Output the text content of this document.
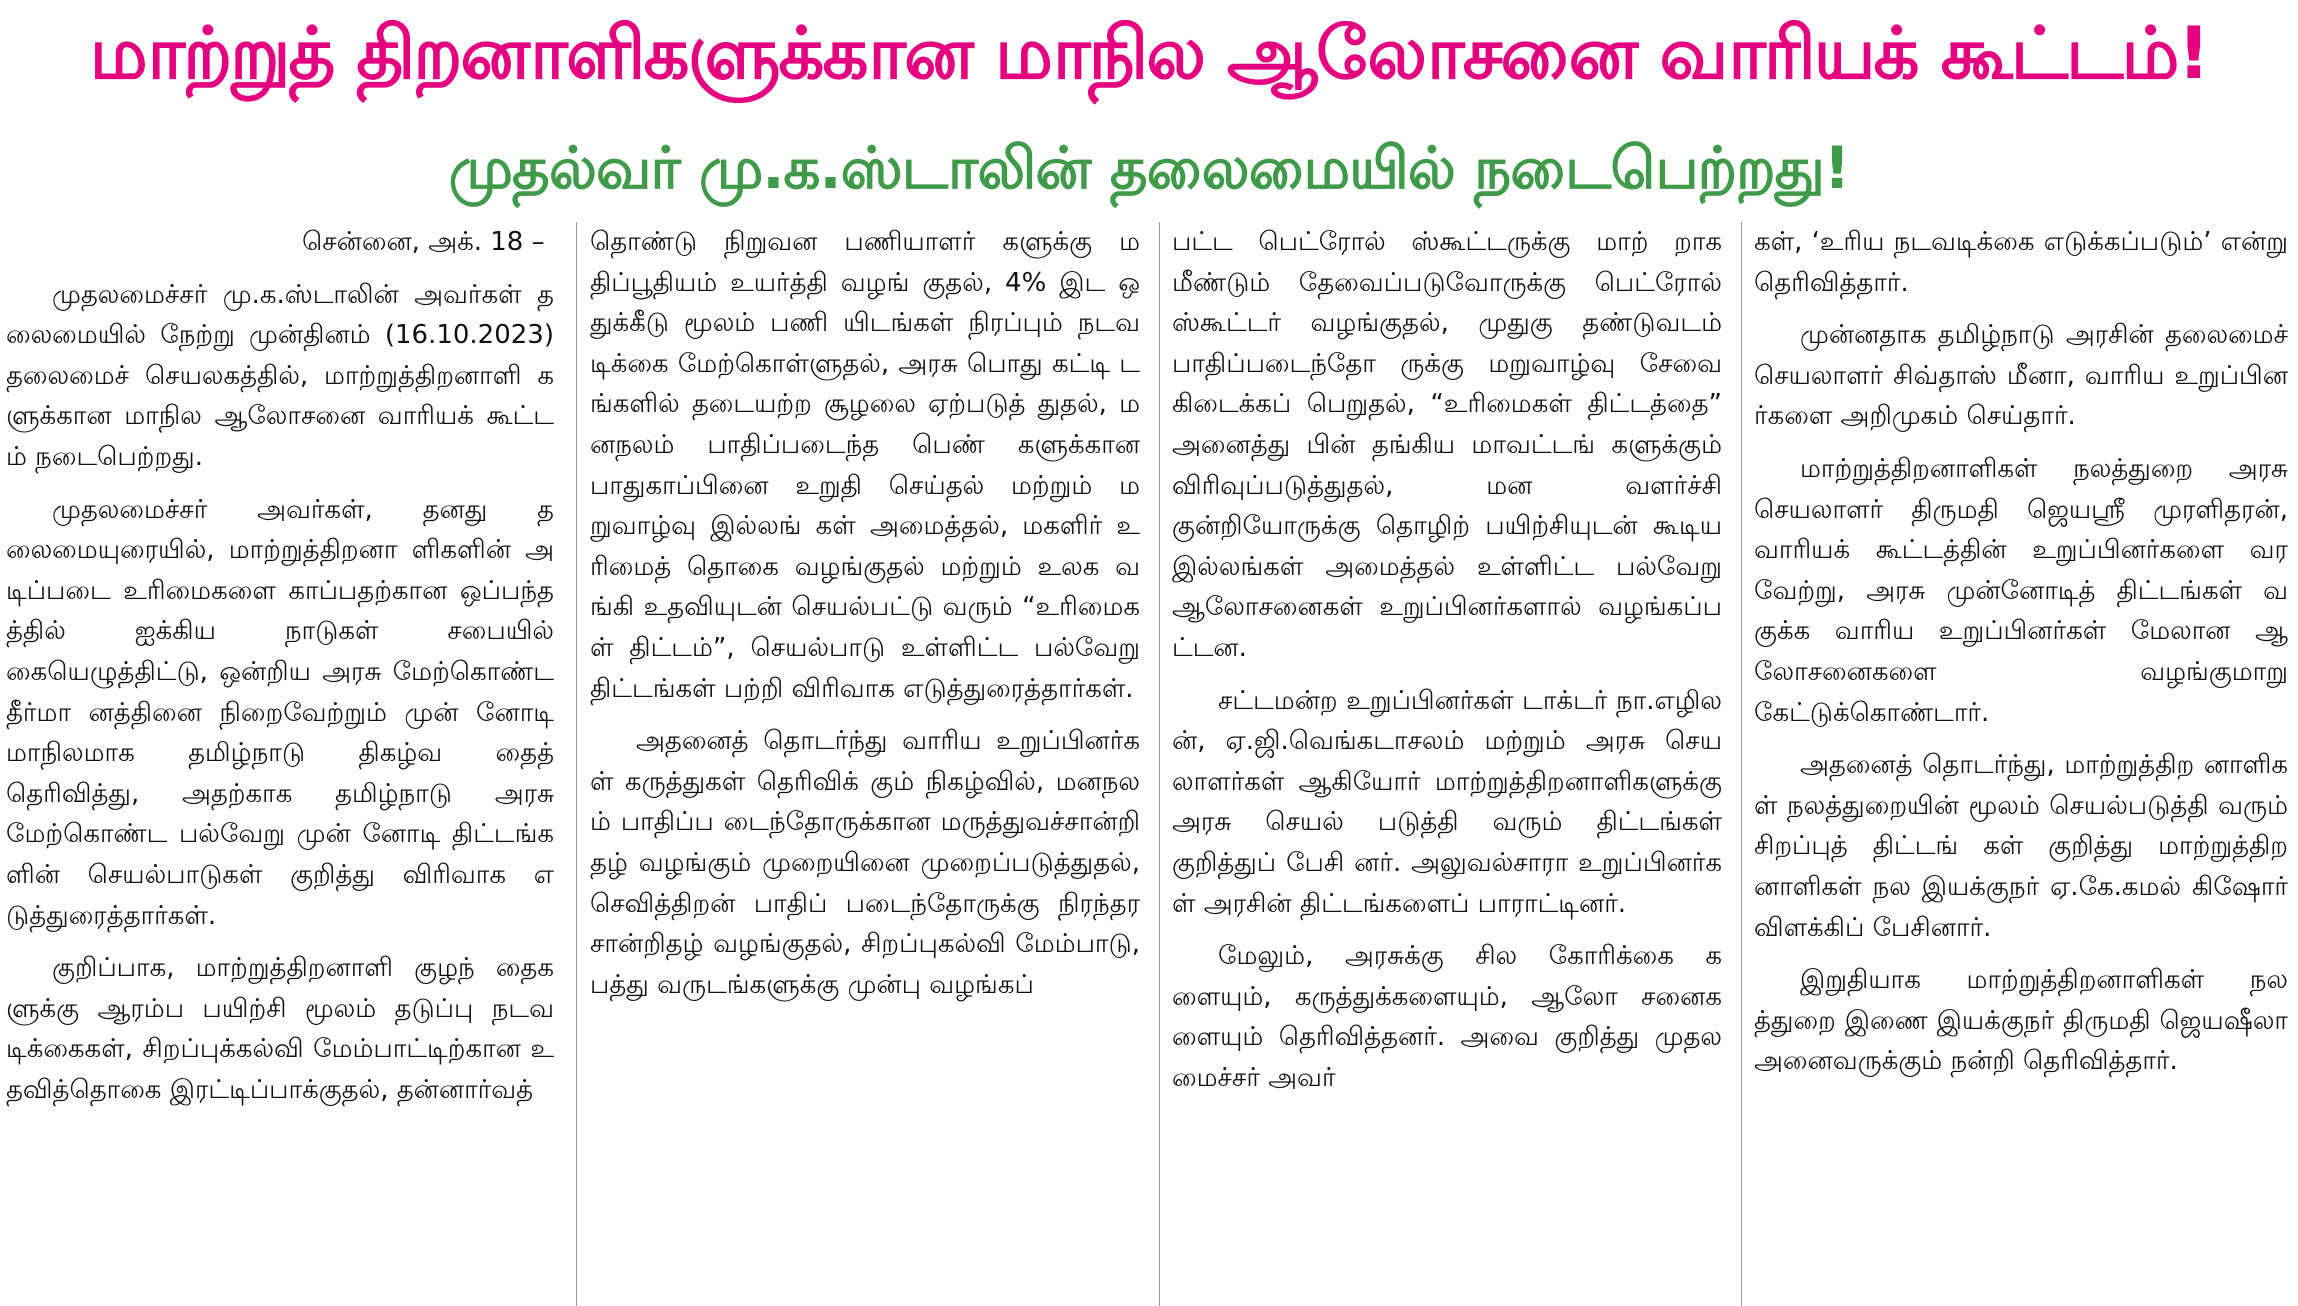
மாற்றுத் திறனாளிகளுக்கான மாநில ஆலோசனை வாரியக் கூட்டம்!
முதல்வர் மு.க.ஸ்டாலின் தலைமையில் நடைபெற்றது!

சென்னை, அக். 18 –

முதலமைச்சர் மு.க.ஸ்டாலின் அவர்கள் தலைமையில் நேற்று முன்தினம் (16.10.2023) தலைமைச் செயலகத்தில், மாற்றுத்திறனாளி களுக்கான மாநில ஆலோசனை வாரியக் கூட்டம் நடைபெற்றது.

முதலமைச்சர் அவர்கள், தனது தலைமையுரையில், மாற்றுத்திறனா ளிகளின் அடிப்படை உரிமைகளை காப்பதற்கான ஒப்பந்தத்தில் ஐக்கிய நாடுகள் சபையில் கையெழுத்திட்டு, ஒன்றிய அரசு மேற்கொண்ட தீர்மா னத்தினை நிறைவேற்றும் முன் னோடி மாநிலமாக தமிழ்நாடு திகழ்வ தைத் தெரிவித்து, அதற்காக தமிழ்நாடு அரசு மேற்கொண்ட பல்வேறு முன் னோடி திட்டங்களின் செயல்பாடுகள் குறித்து விரிவாக எடுத்துரைத்தார்கள்.

குறிப்பாக, மாற்றுத்திறனாளி குழந் தைகளுக்கு ஆரம்ப பயிற்சி மூலம் தடுப்பு நடவடிக்கைகள், சிறப்புக்கல்வி மேம்பாட்டிற்கான உதவித்தொகை இரட்டிப்பாக்குதல், தன்னார்வத்

தொண்டு நிறுவன பணியாளர் களுக்கு மதிப்பூதியம் உயர்த்தி வழங் குதல், 4% இட ஒதுக்கீடு மூலம் பணி யிடங்கள் நிரப்பும் நடவடிக்கை மேற்கொள்ளுதல், அரசு பொது கட்டி டங்களில் தடையற்ற சூழலை ஏற்படுத் துதல், மனநலம் பாதிப்படைந்த பெண் களுக்கான பாதுகாப்பினை உறுதி செய்தல் மற்றும் மறுவாழ்வு இல்லங் கள் அமைத்தல், மகளிர் உரிமைத் தொகை வழங்குதல் மற்றும் உலக வங்கி உதவியுடன் செயல்பட்டு வரும் “உரிமைகள் திட்டம்”, செயல்பாடு உள்ளிட்ட பல்வேறு திட்டங்கள் பற்றி விரிவாக எடுத்துரைத்தார்கள்.

அதனைத் தொடர்ந்து வாரிய உறுப்பினர்கள் கருத்துகள் தெரிவிக் கும் நிகழ்வில், மனநலம் பாதிப்ப டைந்தோருக்கான மருத்துவச்சான்றி தழ் வழங்கும் முறையினை முறைப்படுத்துதல், செவித்திறன் பாதிப் படைந்தோருக்கு நிரந்தர சான்றிதழ் வழங்குதல், சிறப்புகல்வி மேம்பாடு, பத்து வருடங்களுக்கு முன்பு வழங்கப்

பட்ட பெட்ரோல் ஸ்கூட்டருக்கு மாற் றாக மீண்டும் தேவைப்படுவோருக்கு பெட்ரோல் ஸ்கூட்டர் வழங்குதல், முதுகு தண்டுவடம் பாதிப்படைந்தோ ருக்கு மறுவாழ்வு சேவை கிடைக்கப் பெறுதல், “உரிமைகள் திட்டத்தை” அனைத்து பின் தங்கிய மாவட்டங் களுக்கும் விரிவுப்படுத்துதல், மன வளர்ச்சி குன்றியோருக்கு தொழிற் பயிற்சியுடன் கூடிய இல்லங்கள் அமைத்தல் உள்ளிட்ட பல்வேறு ஆலோசனைகள் உறுப்பினர்களால் வழங்கப்பட்டன.

சட்டமன்ற உறுப்பினர்கள் டாக்டர் நா.எழிலன், ஏ.ஜி.வெங்கடாசலம் மற்றும் அரசு செயலாளர்கள் ஆகியோர் மாற்றுத்திறனாளிகளுக்கு அரசு செயல் படுத்தி வரும் திட்டங்கள் குறித்துப் பேசி னர். அலுவல்சாரா உறுப்பினர்கள் அரசின் திட்டங்களைப் பாராட்டினர்.

மேலும், அரசுக்கு சில கோரிக்கை களையும், கருத்துக்களையும், ஆலோ சனைகளையும் தெரிவித்தனர். அவை குறித்து முதலமைச்சர் அவர்

கள், ‘உரிய நடவடிக்கை எடுக்கப்படும்’ என்று தெரிவித்தார்.

முன்னதாக தமிழ்நாடு அரசின் தலைமைச் செயலாளர் சிவ்தாஸ் மீனா, வாரிய உறுப்பினர்களை அறிமுகம் செய்தார்.

மாற்றுத்திறனாளிகள் நலத்துறை அரசு செயலாளர் திருமதி ஜெயஸ்ரீ முரளிதரன், வாரியக் கூட்டத்தின் உறுப்பினர்களை வரவேற்று, அரசு முன்னோடித் திட்டங்கள் வகுக்க வாரிய உறுப்பினர்கள் மேலான ஆலோசனைகளை வழங்குமாறு கேட்டுக்கொண்டார்.

அதனைத் தொடர்ந்து, மாற்றுத்திற னாளிகள் நலத்துறையின் மூலம் செயல்படுத்தி வரும் சிறப்புத் திட்டங் கள் குறித்து மாற்றுத்திறனாளிகள் நல இயக்குநர் ஏ.கே.கமல் கிஷோர் விளக்கிப் பேசினார்.

இறுதியாக மாற்றுத்திறனாளிகள் நலத்துறை இணை இயக்குநர் திருமதி ஜெயஷீலா அனைவருக்கும் நன்றி தெரிவித்தார்.
